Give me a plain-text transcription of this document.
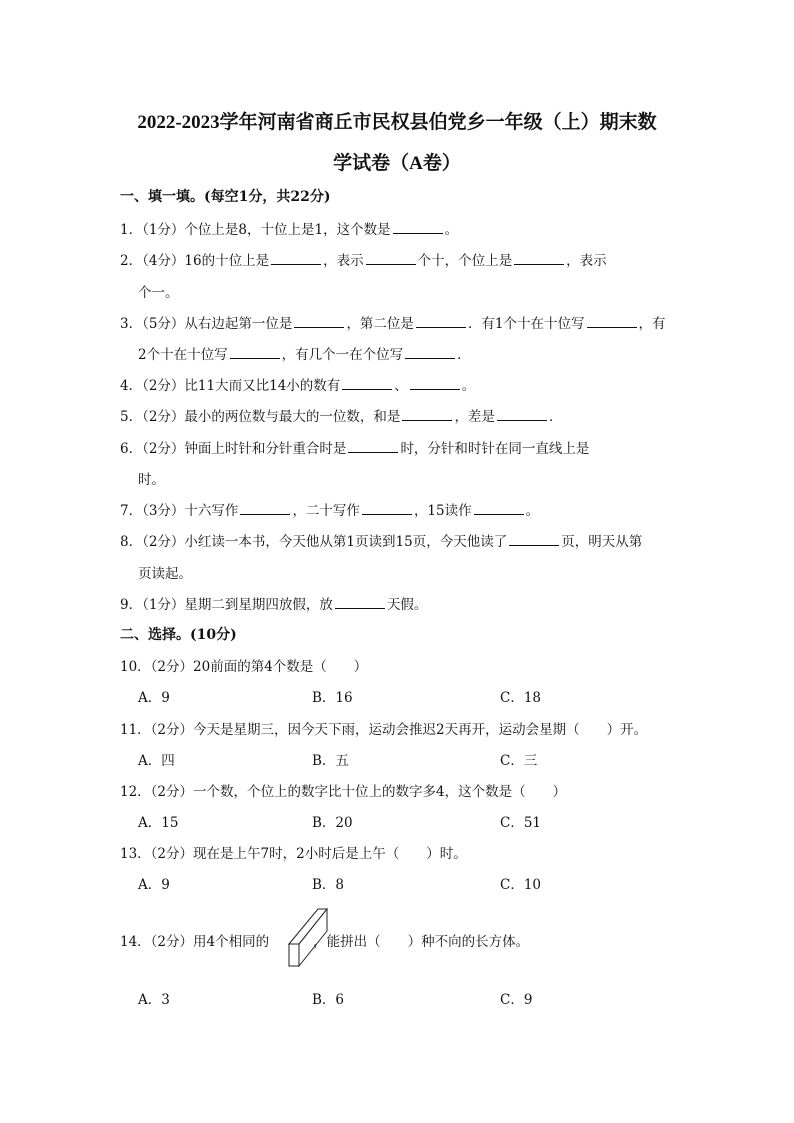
2022-2023学年河南省商丘市民权县伯党乡一年级（上）期末数
学试卷（A卷）
一、填一填。(每空1分，共22分)
1．（1分）个位上是8，十位上是1，这个数是	。
2．（4分）16的十位上是	，表示	个十，个位上是	，表示
个一。
3．（5分）从右边起第一位是	，第二位是	．有1个十在十位写	，有
2个十在十位写	，有几个一在个位写	．
4．（2分）比11大而又比14小的数有	、	。
5．（2分）最小的两位数与最大的一位数，和是	，差是	．
6．（2分）钟面上时针和分针重合时是	时，分针和时针在同一直线上是
时。
7．（3分）十六写作	，二十写作	，15读作	。
8．（2分）小红读一本书，今天他从第1页读到15页，今天他读了	页，明天从第
页读起。
9．（1分）星期二到星期四放假，放	天假。
二、选择。(10分)
10．（2分）20前面的第4个数是（　　）
A．9	B．16	C．18
11．（2分）今天是星期三，因今天下雨，运动会推迟2天再开，运动会星期（　　）开。
A．四	B．五	C．三
12．（2分）一个数，个位上的数字比十位上的数字多4，这个数是（　　）
A．15	B．20	C．51
13．（2分）现在是上午7时，2小时后是上午（　　）时。
A．9	B．8	C．10
14．（2分）用4个相同的	，能拼出（　　）种不向的长方体。
A．3	B．6	C．9
